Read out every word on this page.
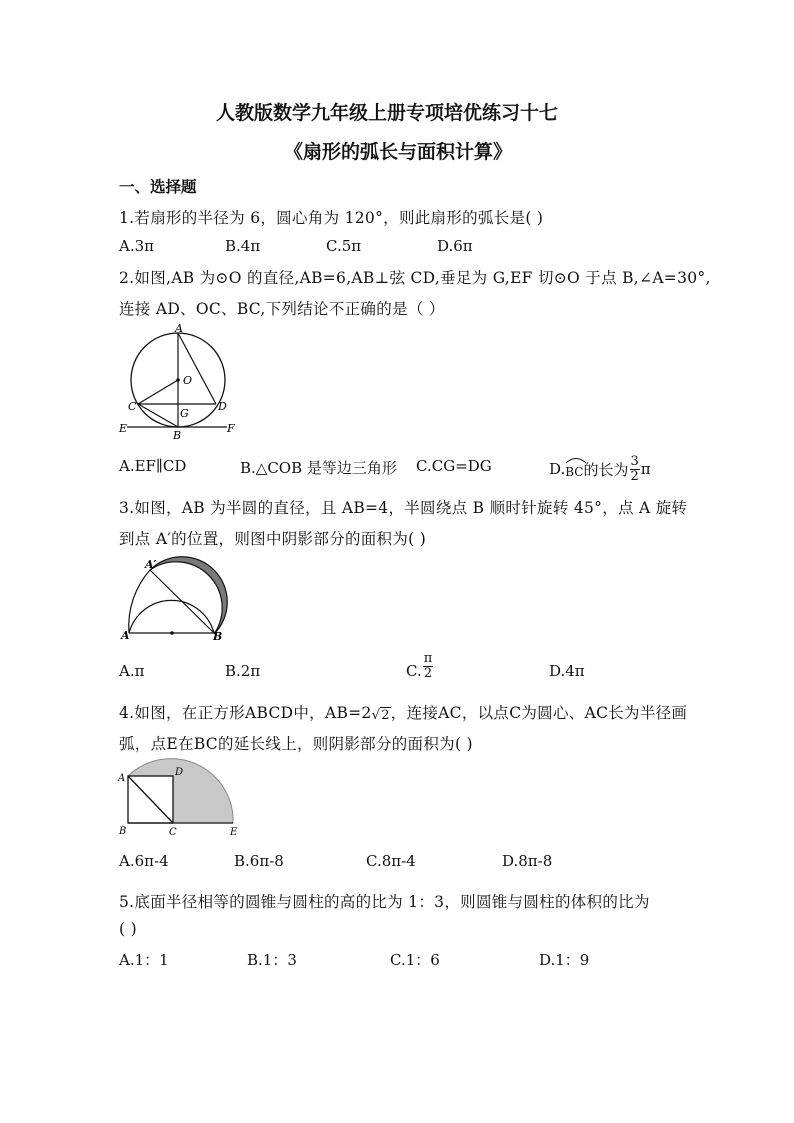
人教版数学九年级上册专项培优练习十七
《扇形的弧长与面积计算》
一、选择题
1.若扇形的半径为 6，圆心角为 120°，则此扇形的弧长是( )
A.3π	B.4π	C.5π	D.6π
2.如图,AB 为⊙O 的直径,AB=6,AB⊥弦 CD,垂足为 G,EF 切⊙O 于点 B,∠A=30°,
连接 AD、OC、BC,下列结论不正确的是（ ）
A
O
C
G
D
E
B
F
A.EF∥CD	B.△COB 是等边三角形 C.CG=DG	D. BC 的长为 $\frac{3}{2}$ π
3.如图，AB 为半圆的直径，且 AB=4，半圆绕点 B 顺时针旋转 45°，点 A 旋转
到点 A′的位置，则图中阴影部分的面积为( )
A′
A	B
A.π	B.2π	C. $\frac{\pi}{2}$	D.4π
4.如图，在正方形ABCD中，AB=2 √ 2 ，连接AC，以点C为圆心、AC长为半径画
弧，点E在BC的延长线上，则阴影部分的面积为( )
A
D
B	C	E
A.6π-4	B.6π-8	C.8π-4	D.8π-8
5.底面半径相等的圆锥与圆柱的高的比为 1：3，则圆锥与圆柱的体积的比为
( )
A.1：1	B.1：3	C.1：6	D.1：9
